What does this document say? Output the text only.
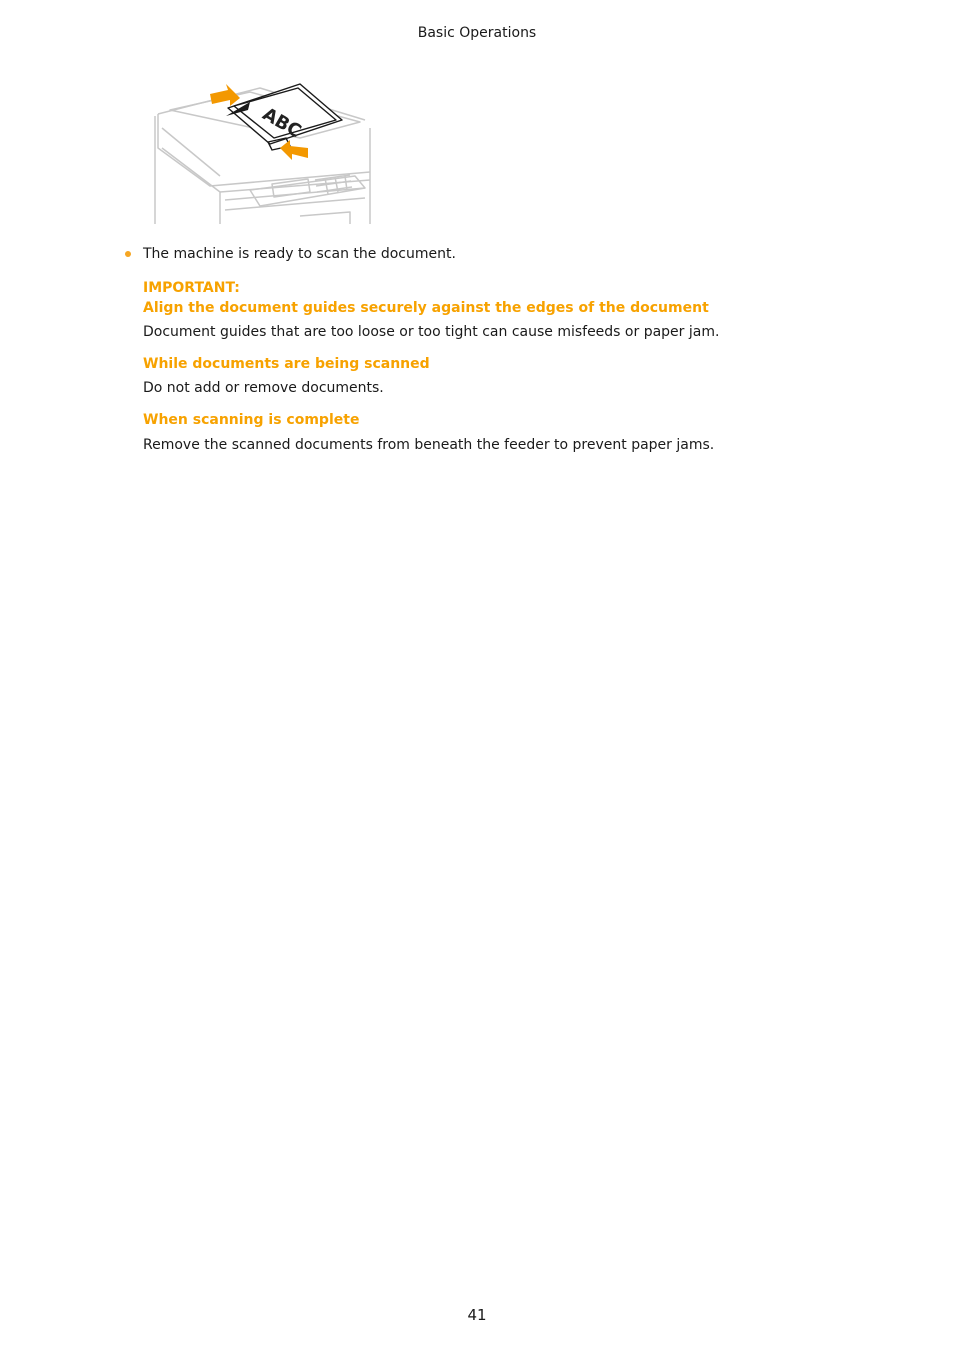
Basic Operations
ABC
The machine is ready to scan the document.
IMPORTANT:
Align the document guides securely against the edges of the document
Document guides that are too loose or too tight can cause misfeeds or paper jam.
While documents are being scanned
Do not add or remove documents.
When scanning is complete
Remove the scanned documents from beneath the feeder to prevent paper jams.
41
